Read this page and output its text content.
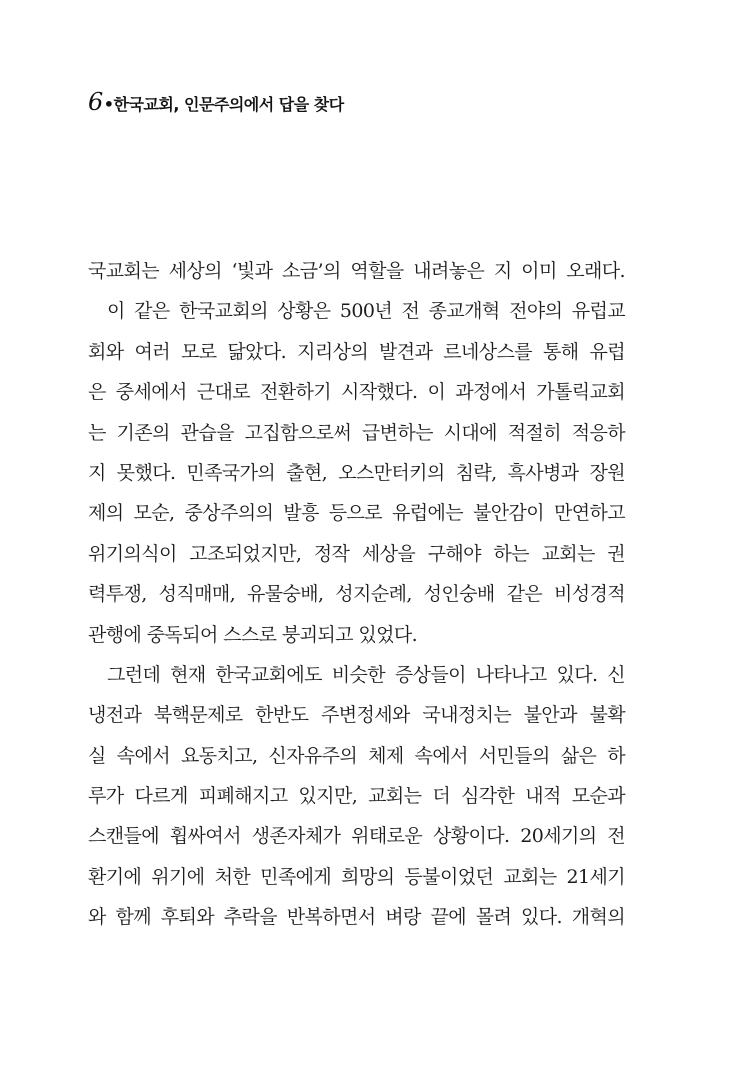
6•한국교회, 인문주의에서 답을 찾다
국교회는 세상의 ‘빛과 소금’의 역할을 내려놓은 지 이미 오래다.
이 같은 한국교회의 상황은 500년 전 종교개혁 전야의 유럽교
회와 여러 모로 닮았다. 지리상의 발견과 르네상스를 통해 유럽
은 중세에서 근대로 전환하기 시작했다. 이 과정에서 가톨릭교회
는 기존의 관습을 고집함으로써 급변하는 시대에 적절히 적응하
지 못했다. 민족국가의 출현, 오스만터키의 침략, 흑사병과 장원
제의 모순, 중상주의의 발흥 등으로 유럽에는 불안감이 만연하고
위기의식이 고조되었지만, 정작 세상을 구해야 하는 교회는 권
력투쟁, 성직매매, 유물숭배, 성지순례, 성인숭배 같은 비성경적
관행에 중독되어 스스로 붕괴되고 있었다.
그런데 현재 한국교회에도 비슷한 증상들이 나타나고 있다. 신
냉전과 북핵문제로 한반도 주변정세와 국내정치는 불안과 불확
실 속에서 요동치고, 신자유주의 체제 속에서 서민들의 삶은 하
루가 다르게 피폐해지고 있지만, 교회는 더 심각한 내적 모순과
스캔들에 휩싸여서 생존자체가 위태로운 상황이다. 20세기의 전
환기에 위기에 처한 민족에게 희망의 등불이었던 교회는 21세기
와 함께 후퇴와 추락을 반복하면서 벼랑 끝에 몰려 있다. 개혁의
